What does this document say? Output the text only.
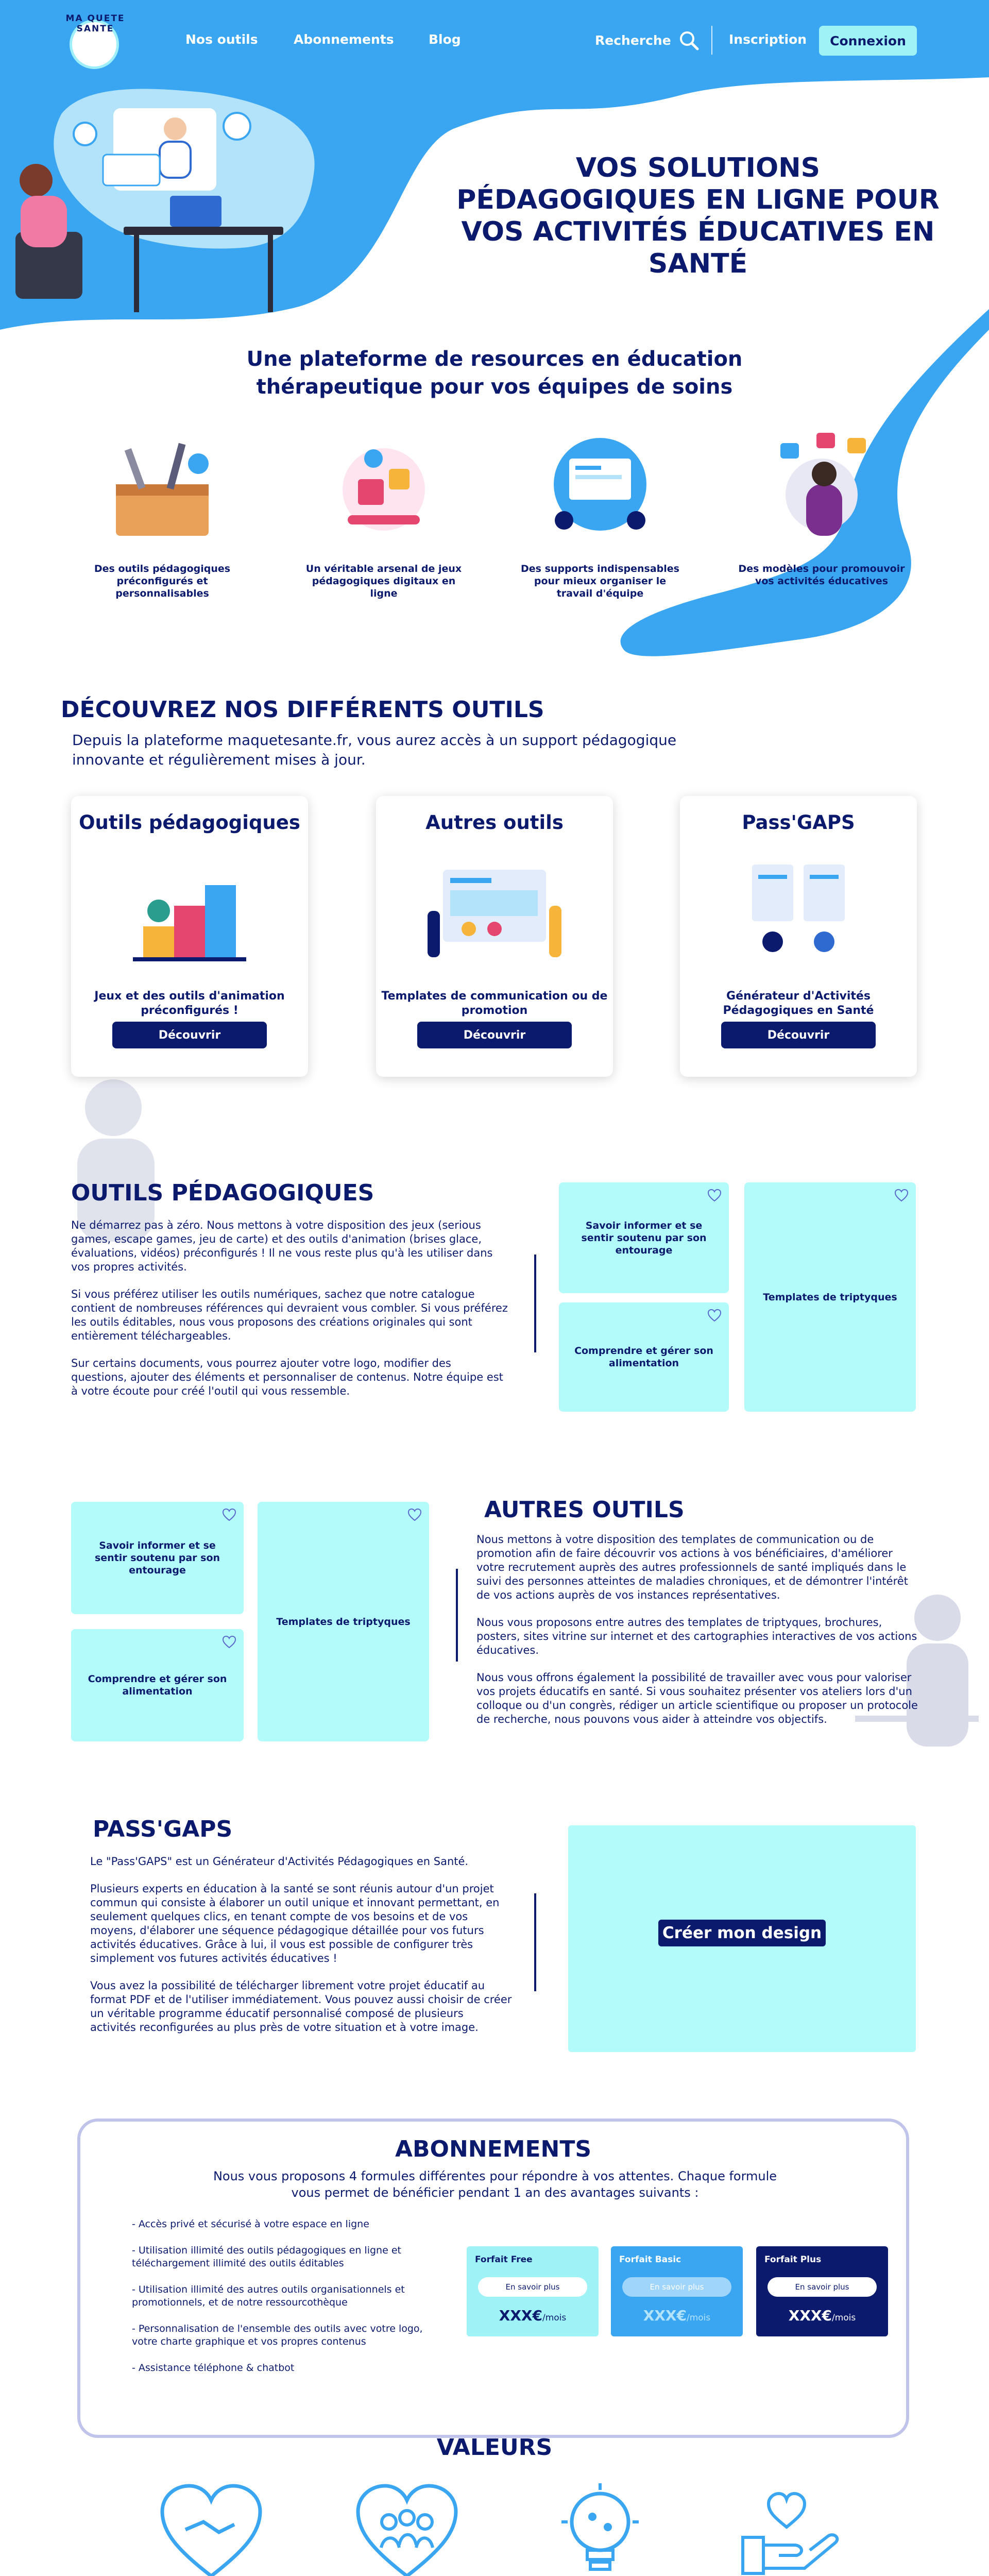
MA QUETE SANTE
Nos outils	Abonnements	Blog	Recherche	Inscription	Connexion
VOS SOLUTIONS PÉDAGOGIQUES EN LIGNE POUR VOS ACTIVITÉS ÉDUCATIVES EN SANTÉ
Une plateforme de resources en éducation thérapeutique pour vos équipes de soins
Des outils pédagogiques préconfigurés et personnalisables
Un véritable arsenal de jeux pédagogiques digitaux en ligne
Des supports indispensables pour mieux organiser le travail d'équipe
Des modèles pour promouvoir vos activités éducatives
DÉCOUVREZ NOS DIFFÉRENTS OUTILS
Depuis la plateforme maquetesante.fr, vous aurez accès à un support pédagogique innovante et régulièrement mises à jour.
Outils pédagogiques
Jeux et des outils d'animation préconfigurés !
Découvrir
Autres outils
Templates de communication ou de promotion
Découvrir
Pass'GAPS
Générateur d'Activités Pédagogiques en Santé
Découvrir
OUTILS PÉDAGOGIQUES

Ne démarrez pas à zéro. Nous mettons à votre disposition des jeux (serious games, escape games, jeu de carte) et des outils d'animation (brises glace, évaluations, vidéos) préconfigurés ! Il ne vous reste plus qu'à les utiliser dans vos propres activités.

Si vous préférez utiliser les outils numériques, sachez que notre catalogue contient de nombreuses références qui devraient vous combler. Si vous préférez les outils éditables, nous vous proposons des créations originales qui sont entièrement téléchargeables.

Sur certains documents, vous pourrez ajouter votre logo, modifier des questions, ajouter des éléments et personnaliser de contenus. Notre équipe est à votre écoute pour créé l'outil qui vous ressemble.

Savoir informer et se sentir soutenu par son entourage
Templates de triptyques
Comprendre et gérer son alimentation
Savoir informer et se sentir soutenu par son entourage
Templates de triptyques
Comprendre et gérer son alimentation
AUTRES OUTILS

Nous mettons à votre disposition des templates de communication ou de promotion afin de faire découvrir vos actions à vos bénéficiaires, d'améliorer votre recrutement auprès des autres professionnels de santé impliqués dans le suivi des personnes atteintes de maladies chroniques, et de démontrer l'intérêt de vos actions auprès de vos instances représentatives.

Nous vous proposons entre autres des templates de triptyques, brochures, posters, sites vitrine sur internet et des cartographies interactives de vos actions éducatives.

Nous vous offrons également la possibilité de travailler avec vous pour valoriser vos projets éducatifs en santé. Si vous souhaitez présenter vos ateliers lors d'un colloque ou d'un congrès, rédiger un article scientifique ou proposer un protocole de recherche, nous pouvons vous aider à atteindre vos objectifs.

PASS'GAPS

Le "Pass'GAPS" est un Générateur d'Activités Pédagogiques en Santé.

Plusieurs experts en éducation à la santé se sont réunis autour d'un projet commun qui consiste à élaborer un outil unique et innovant permettant, en seulement quelques clics, en tenant compte de vos besoins et de vos moyens, d'élaborer une séquence pédagogique détaillée pour vos futurs activités éducatives. Grâce à lui, il vous est possible de configurer très simplement vos futures activités éducatives !

Vous avez la possibilité de télécharger librement votre projet éducatif au format PDF et de l'utiliser immédiatement. Vous pouvez aussi choisir de créer un véritable programme éducatif personnalisé composé de plusieurs activités reconfigurées au plus près de votre situation et à votre image.

Créer mon design
ABONNEMENTS
Nous vous proposons 4 formules différentes pour répondre à vos attentes. Chaque formule vous permet de bénéficier pendant 1 an des avantages suivants :
- Accès privé et sécurisé à votre espace en ligne
- Utilisation illimité des outils pédagogiques en ligne et téléchargement illimité des outils éditables
- Utilisation illimité des autres outils organisationnels et promotionnels, et de notre ressourcothèque
- Personnalisation de l'ensemble des outils avec votre logo, votre charte graphique et vos propres contenus
- Assistance téléphone & chatbot
Forfait Free
En savoir plus
XXX€/mois
Forfait Basic
En savoir plus
XXX€/mois
Forfait Plus
En savoir plus
XXX€/mois
VALEURS
